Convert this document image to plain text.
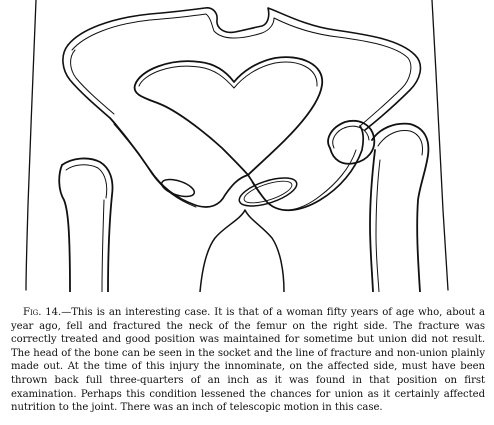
Fig. 14.—This is an interesting case. It is that of a woman fifty years of age who, about a year ago, fell and fractured the neck of the femur on the right side. The fracture was correctly treated and good position was maintained for sometime but union did not result. The head of the bone can be seen in the socket and the line of fracture and non-union plainly made out. At the time of this injury the innominate, on the affected side, must have been thrown back full three-quarters of an inch as it was found in that position on first examination. Perhaps this condition lessened the chances for union as it certainly affected nutrition to the joint. There was an inch of telescopic motion in this case.
